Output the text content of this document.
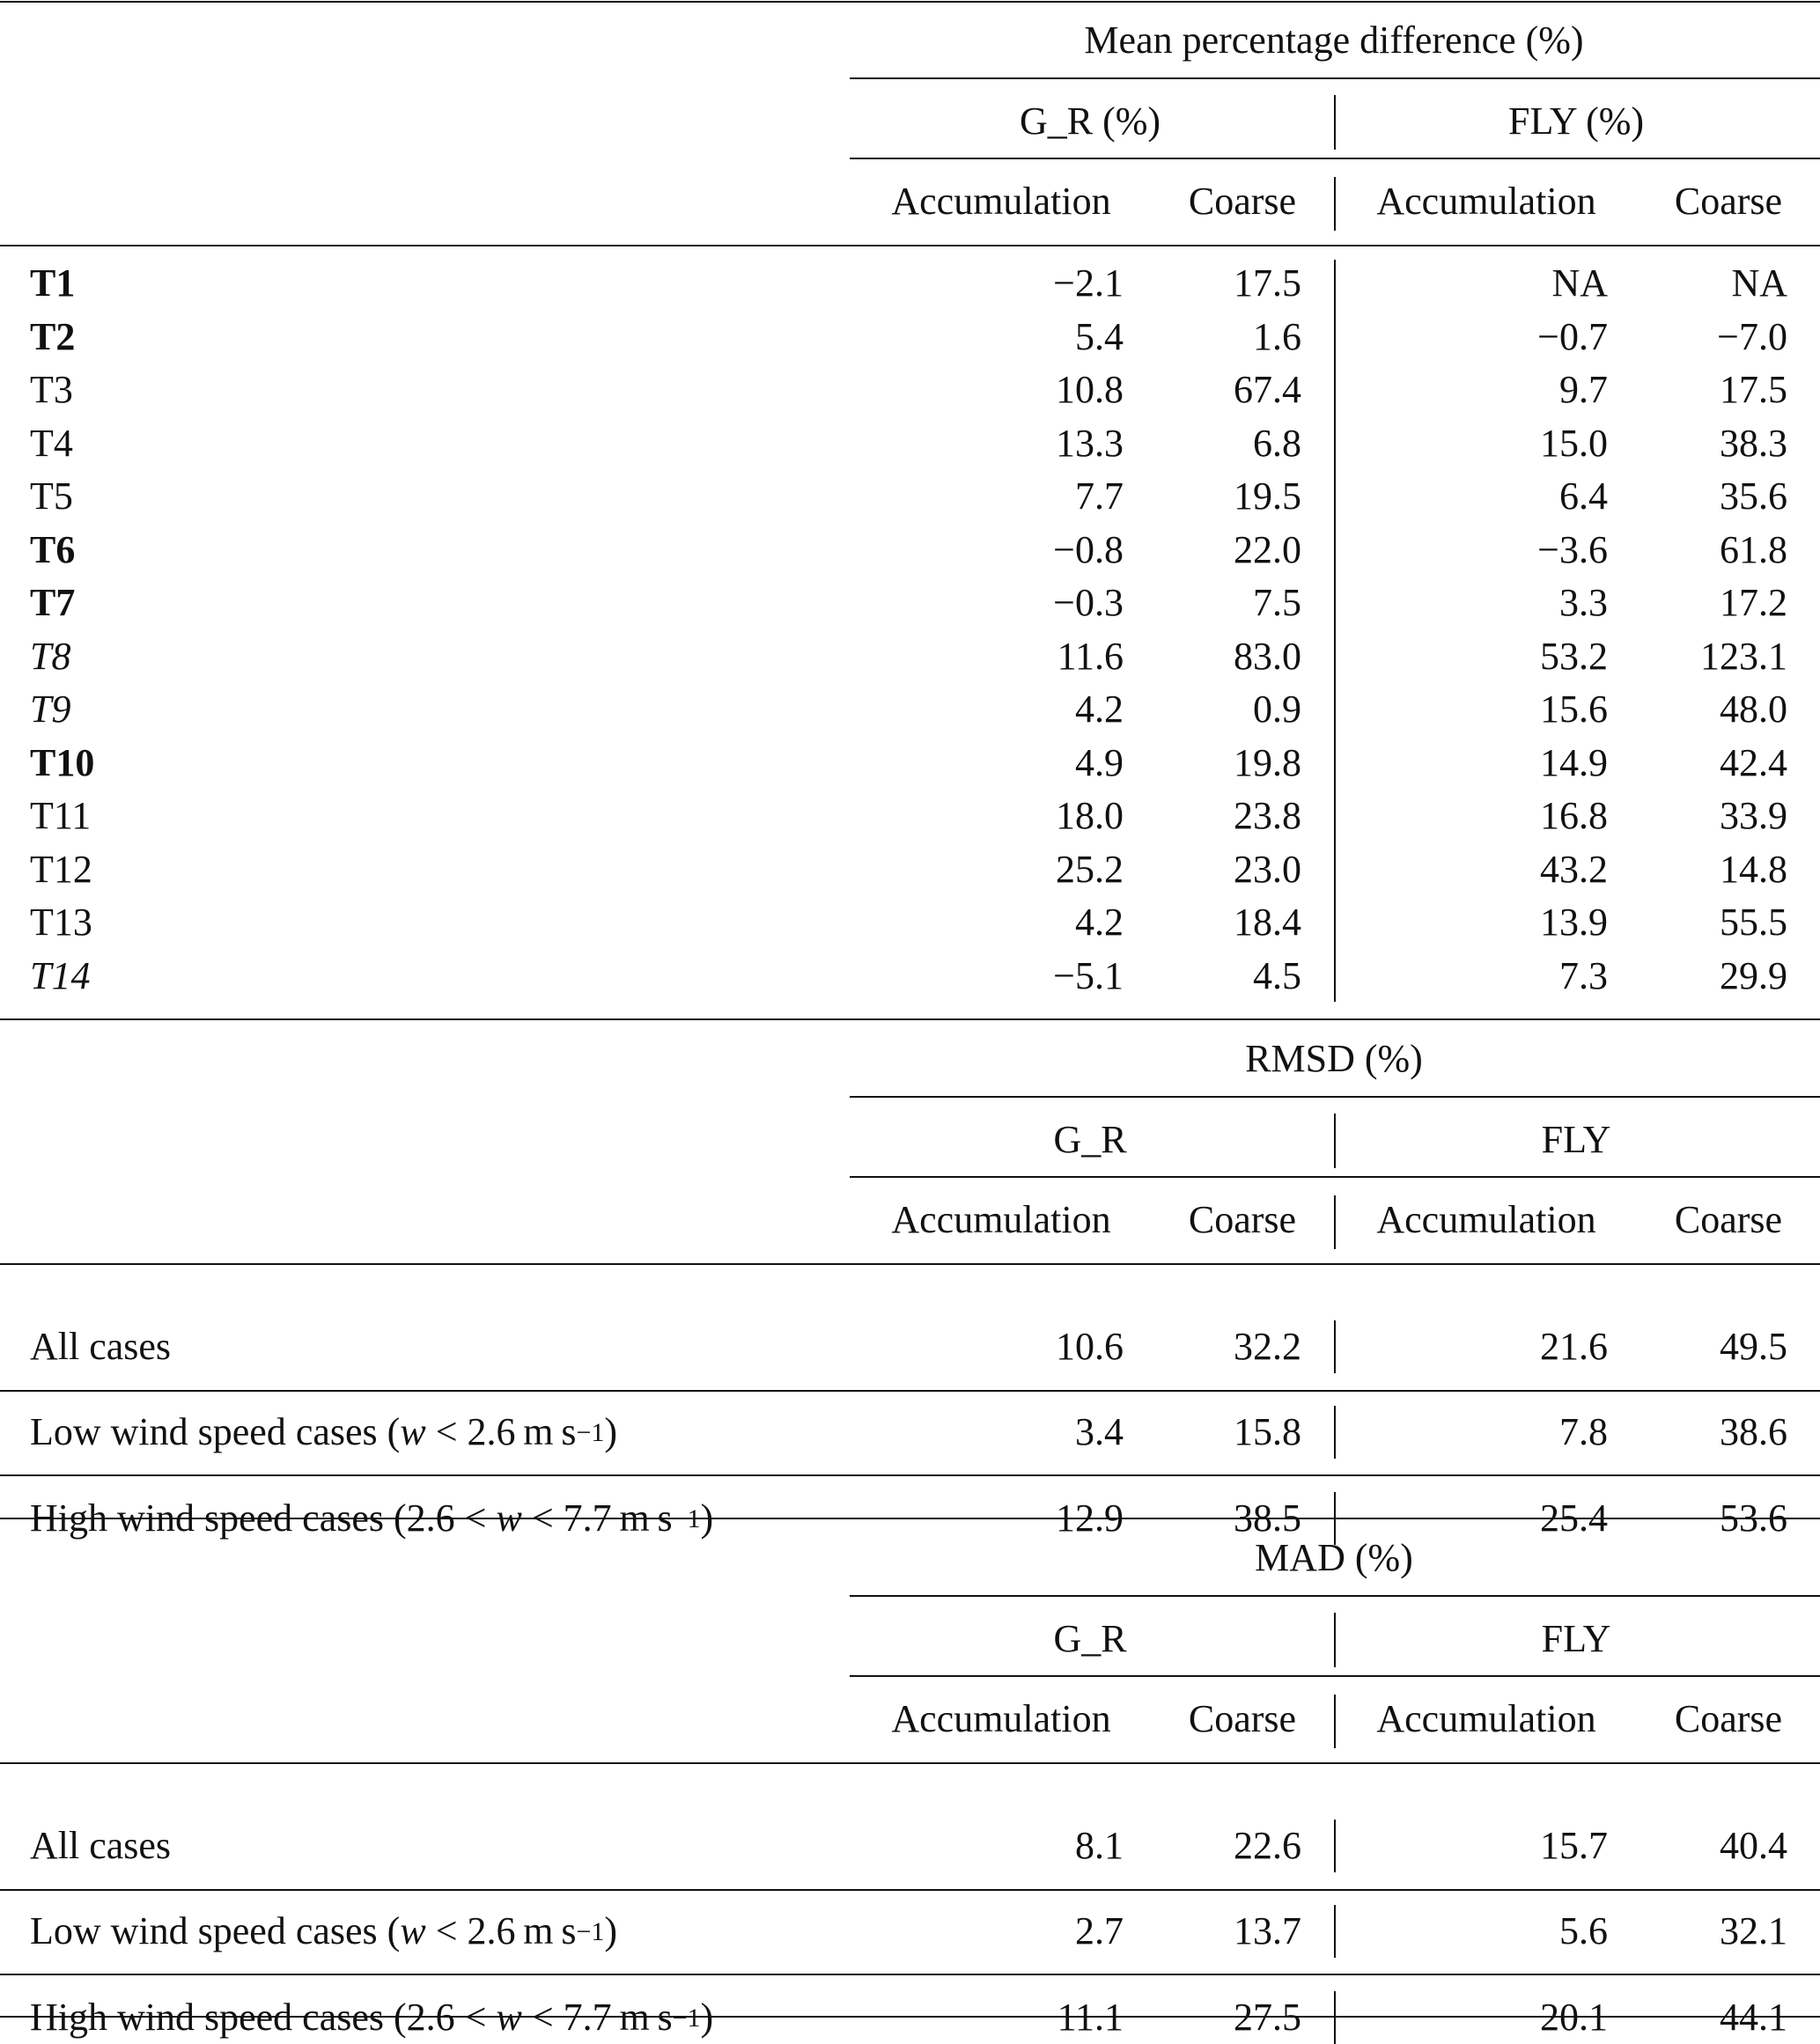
Mean percentage difference (%)
G_R (%)	FLY (%)
Accumulation Coarse Accumulation Coarse
T1	−2.1	17.5	NA	NA
T2	5.4	1.6	−0.7	−7.0
T3	10.8	67.4	9.7	17.5
T4	13.3	6.8	15.0	38.3
T5	7.7	19.5	6.4	35.6
T6	−0.8	22.0	−3.6	61.8
T7	−0.3	7.5	3.3	17.2
T8	11.6	83.0	53.2 123.1
T9	4.2	0.9	15.6	48.0
T10	4.9	19.8	14.9	42.4
T11	18.0	23.8	16.8	33.9
T12	25.2	23.0	43.2	14.8
T13	4.2	18.4	13.9	55.5
T14	−5.1	4.5	7.3	29.9
RMSD (%)
G_R	FLY
Accumulation Coarse Accumulation Coarse
All cases	10.6	32.2	21.6	49.5
Low wind speed cases (w < 2.6 m $s^{-1}$)	3.4	15.8	7.8	38.6
High wind speed cases (2.6 < w < 7.7 m $s^{-1}$)	12.9	38.5	25.4	53.6
MAD (%)
G_R	FLY
Accumulation Coarse Accumulation Coarse
All cases	8.1	22.6	15.7	40.4
Low wind speed cases (w < 2.6 m $s^{-1}$)	2.7	13.7	5.6	32.1
High wind speed cases (2.6 < w < 7.7 m $s^{-1}$)	11.1	27.5	20.1	44.1
